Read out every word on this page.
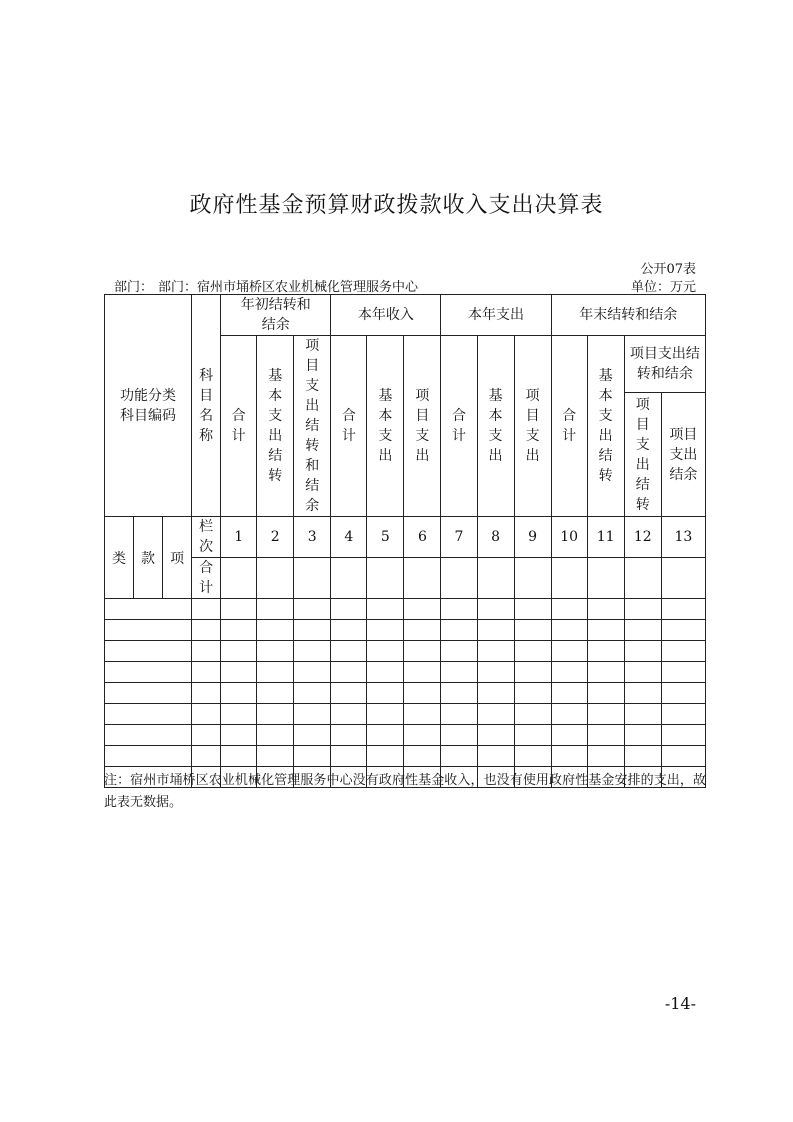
政府性基金预算财政拨款收入支出决算表
公开07表
部门： 部门：宿州市埇桥区农业机械化管理服务中心	单位：万元
功能分类科目编码			科目名称	年初结转和结余			本年收入			本年支出			年末结转和结余			

				合计	基本支出结转	项目支出结转和结余	合计	基本支出	项目支出	合计	基本支出	项目支出	合计	基本支出结转	项目支出结转和结余	

															项目支出结转	项目支出结余

类	款	项	栏次	1	2	3	4	5	6	7	8	9	10	11	12	13

			合计													

注：宿州市埇桥区农业机械化管理服务中心没有政府性基金收入，也没有使用政府性基金安排的支出，故此表无数据。
-14-
